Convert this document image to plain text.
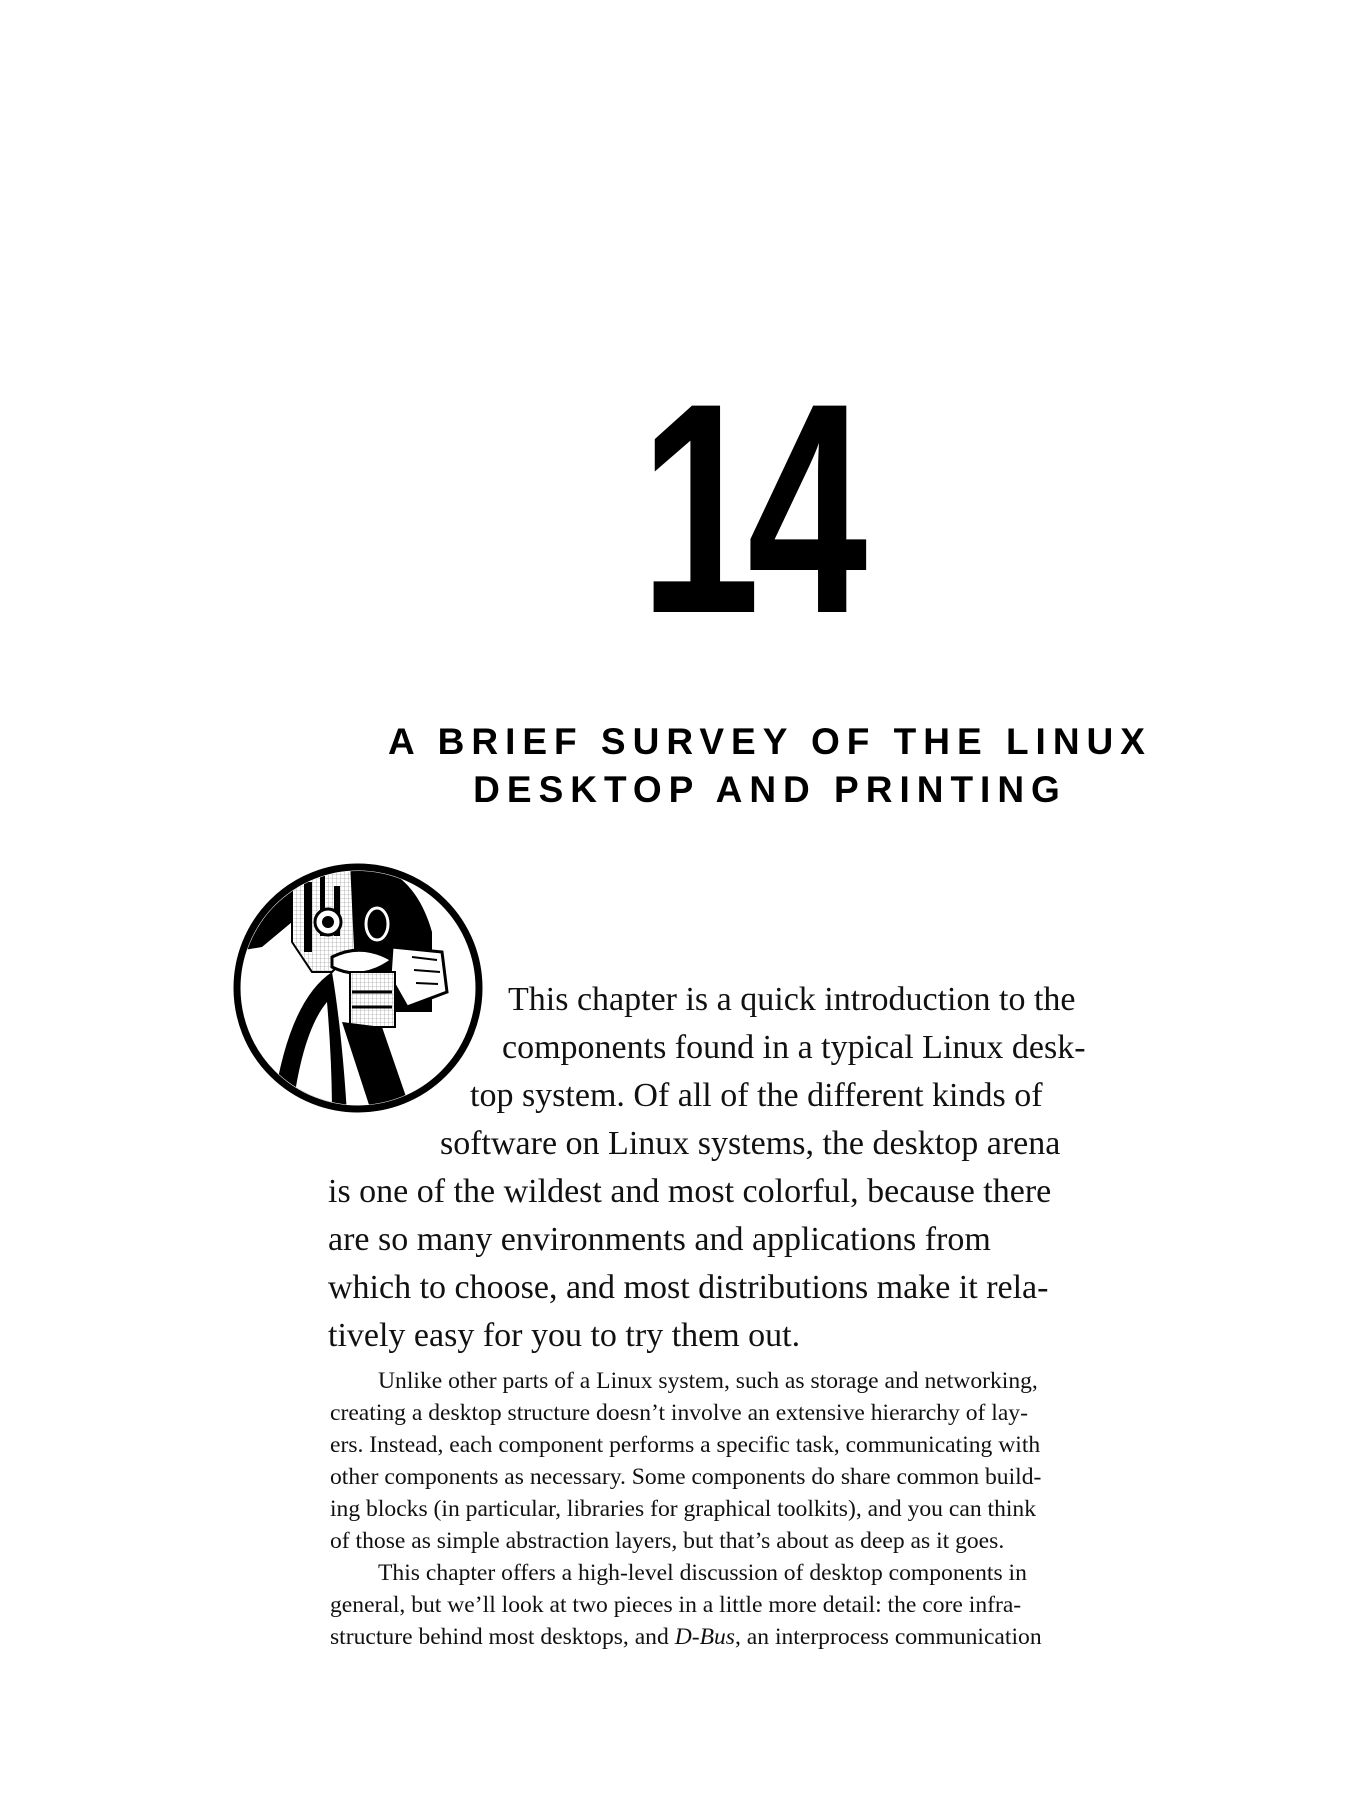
14
A BRIEF SURVEY OF THE LINUX
DESKTOP AND PRINTING
This chapter is a quick introduction to the
components found in a typical Linux desk-
top system. Of all of the different kinds of
software on Linux systems, the desktop arena
is one of the wildest and most colorful, because there
are so many environments and applications from
which to choose, and most distributions make it rela-
tively easy for you to try them out.
Unlike other parts of a Linux system, such as storage and networking,
creating a desktop structure doesn’t involve an extensive hierarchy of lay-
ers. Instead, each component performs a specific task, communicating with
other components as necessary. Some components do share common build-
ing blocks (in particular, libraries for graphical toolkits), and you can think
of those as simple abstraction layers, but that’s about as deep as it goes.
This chapter offers a high-level discussion of desktop components in
general, but we’ll look at two pieces in a little more detail: the core infra-
structure behind most desktops, and D-Bus, an interprocess communication
